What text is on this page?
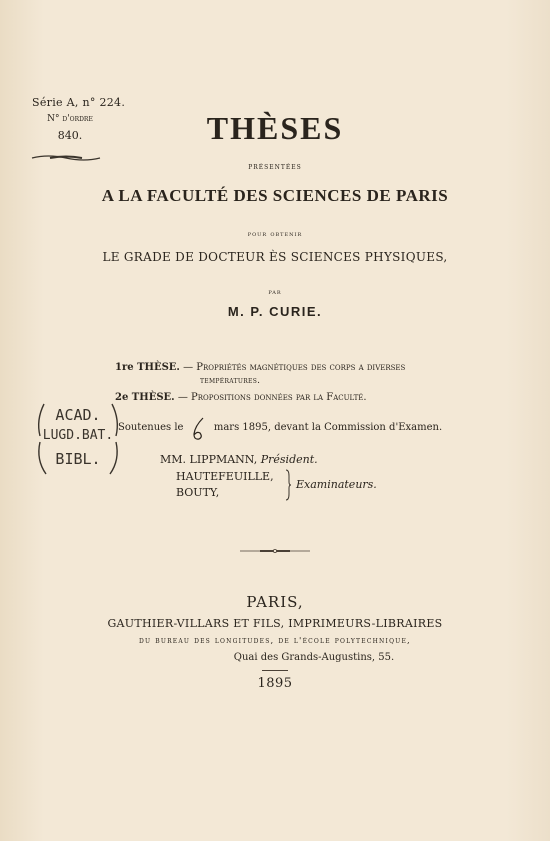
Série A, n° 224.
N° d'ordre
840.	THÈSES
présentées
A LA FACULTÉ DES SCIENCES DE PARIS
pour obtenir
LE GRADE DE DOCTEUR ÈS SCIENCES PHYSIQUES,
par
M. P. CURIE.
1re THÈSE. — Propriétés magnétiques des corps a diverses
températures.
2e THÈSE. — Propositions données par la Faculté.
Soutenues le	mars 1895, devant la Commission d'Examen.
ACAD.
LUGD.BAT.
BIBL.	MM. LIPPMANN, Président.
HAUTEFEUILLE,
BOUTY,
Examinateurs.
PARIS,
GAUTHIER-VILLARS ET FILS, IMPRIMEURS-LIBRAIRES
du bureau des longitudes, de l'école polytechnique,
Quai des Grands-Augustins, 55.
1895
